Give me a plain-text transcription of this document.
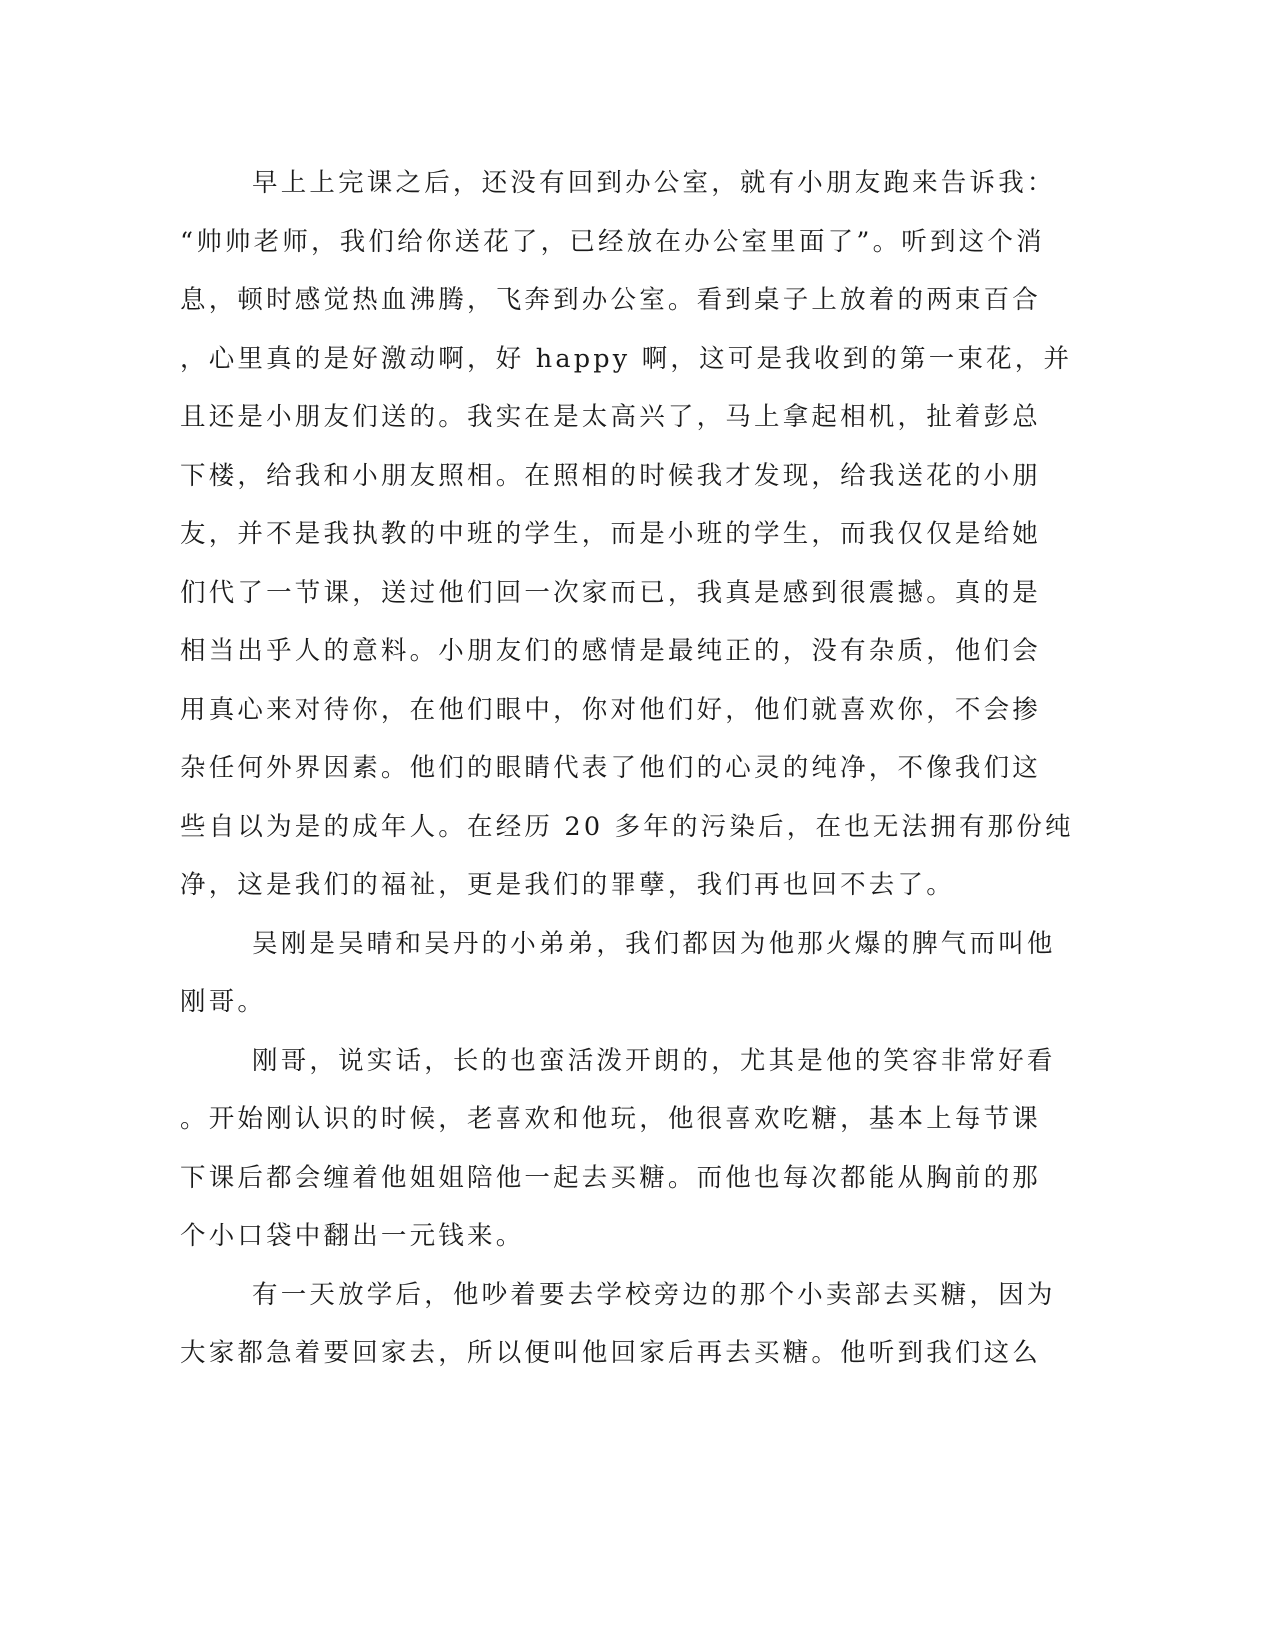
早上上完课之后，还没有回到办公室，就有小朋友跑来告诉我：
“帅帅老师，我们给你送花了，已经放在办公室里面了”。听到这个消
息，顿时感觉热血沸腾，飞奔到办公室。看到桌子上放着的两束百合
，心里真的是好激动啊，好 happy 啊，这可是我收到的第一束花，并
且还是小朋友们送的。我实在是太高兴了，马上拿起相机，扯着彭总
下楼，给我和小朋友照相。在照相的时候我才发现，给我送花的小朋
友，并不是我执教的中班的学生，而是小班的学生，而我仅仅是给她
们代了一节课，送过他们回一次家而已，我真是感到很震撼。真的是
相当出乎人的意料。小朋友们的感情是最纯正的，没有杂质，他们会
用真心来对待你，在他们眼中，你对他们好，他们就喜欢你，不会掺
杂任何外界因素。他们的眼睛代表了他们的心灵的纯净，不像我们这
些自以为是的成年人。在经历 20 多年的污染后，在也无法拥有那份纯
净，这是我们的福祉，更是我们的罪孽，我们再也回不去了。
吴刚是吴晴和吴丹的小弟弟，我们都因为他那火爆的脾气而叫他
刚哥。
刚哥，说实话，长的也蛮活泼开朗的，尤其是他的笑容非常好看
。开始刚认识的时候，老喜欢和他玩，他很喜欢吃糖，基本上每节课
下课后都会缠着他姐姐陪他一起去买糖。而他也每次都能从胸前的那
个小口袋中翻出一元钱来。
有一天放学后，他吵着要去学校旁边的那个小卖部去买糖，因为
大家都急着要回家去，所以便叫他回家后再去买糖。他听到我们这么
